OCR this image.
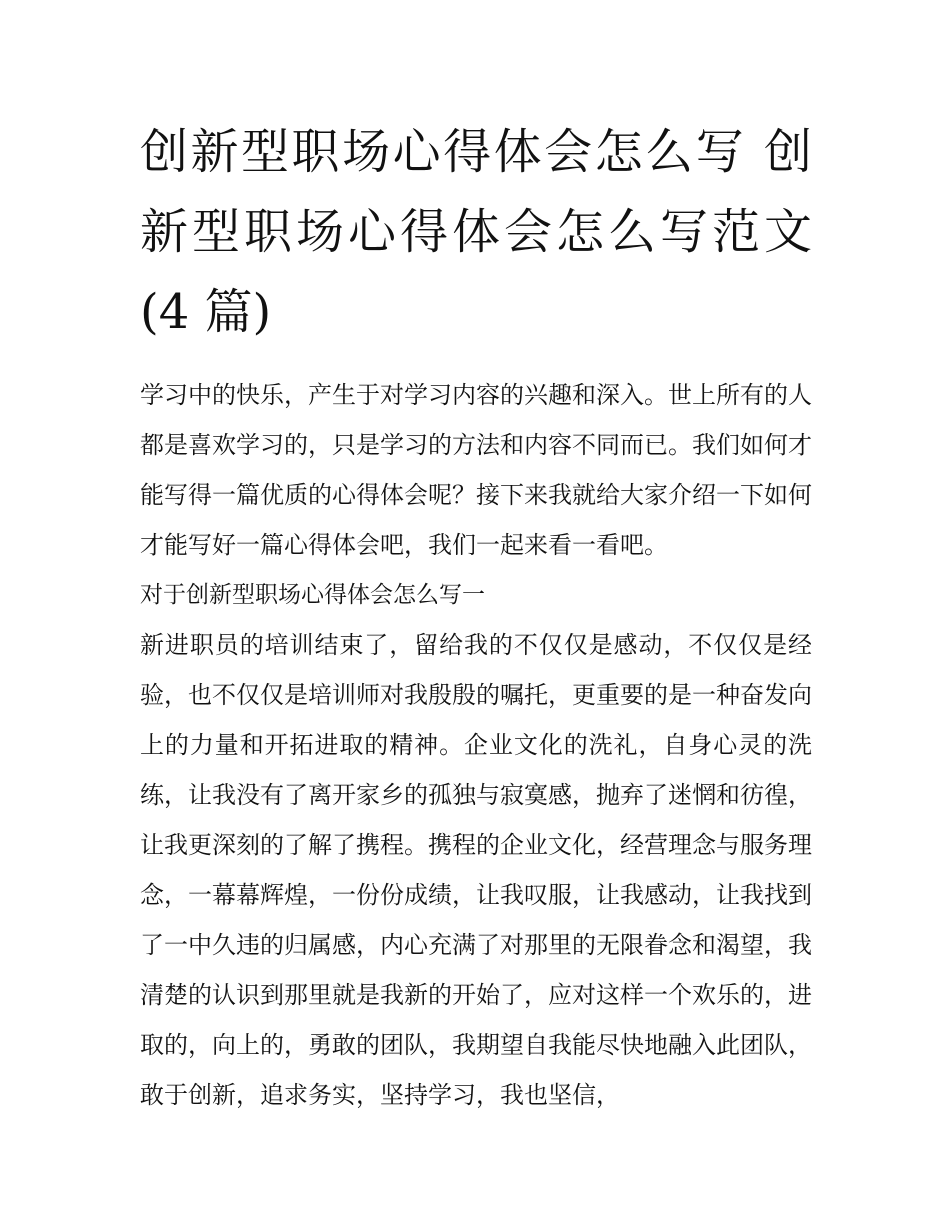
创新型职场心得体会怎么写 创新型职场心得体会怎么写范文(4 篇)

学习中的快乐，产生于对学习内容的兴趣和深入。世上所有的人都是喜欢学习的，只是学习的方法和内容不同而已。我们如何才能写得一篇优质的心得体会呢？接下来我就给大家介绍一下如何才能写好一篇心得体会吧，我们一起来看一看吧。

对于创新型职场心得体会怎么写一

新进职员的培训结束了，留给我的不仅仅是感动，不仅仅是经验，也不仅仅是培训师对我殷殷的嘱托，更重要的是一种奋发向上的力量和开拓进取的精神。企业文化的洗礼，自身心灵的洗练，让我没有了离开家乡的孤独与寂寞感，抛弃了迷惘和彷徨，让我更深刻的了解了携程。携程的企业文化，经营理念与服务理念，一幕幕辉煌，一份份成绩，让我叹服，让我感动，让我找到了一中久违的归属感，内心充满了对那里的无限眷念和渴望，我清楚的认识到那里就是我新的开始了，应对这样一个欢乐的，进取的，向上的，勇敢的团队，我期望自我能尽快地融入此团队，敢于创新，追求务实，坚持学习，我也坚信，
